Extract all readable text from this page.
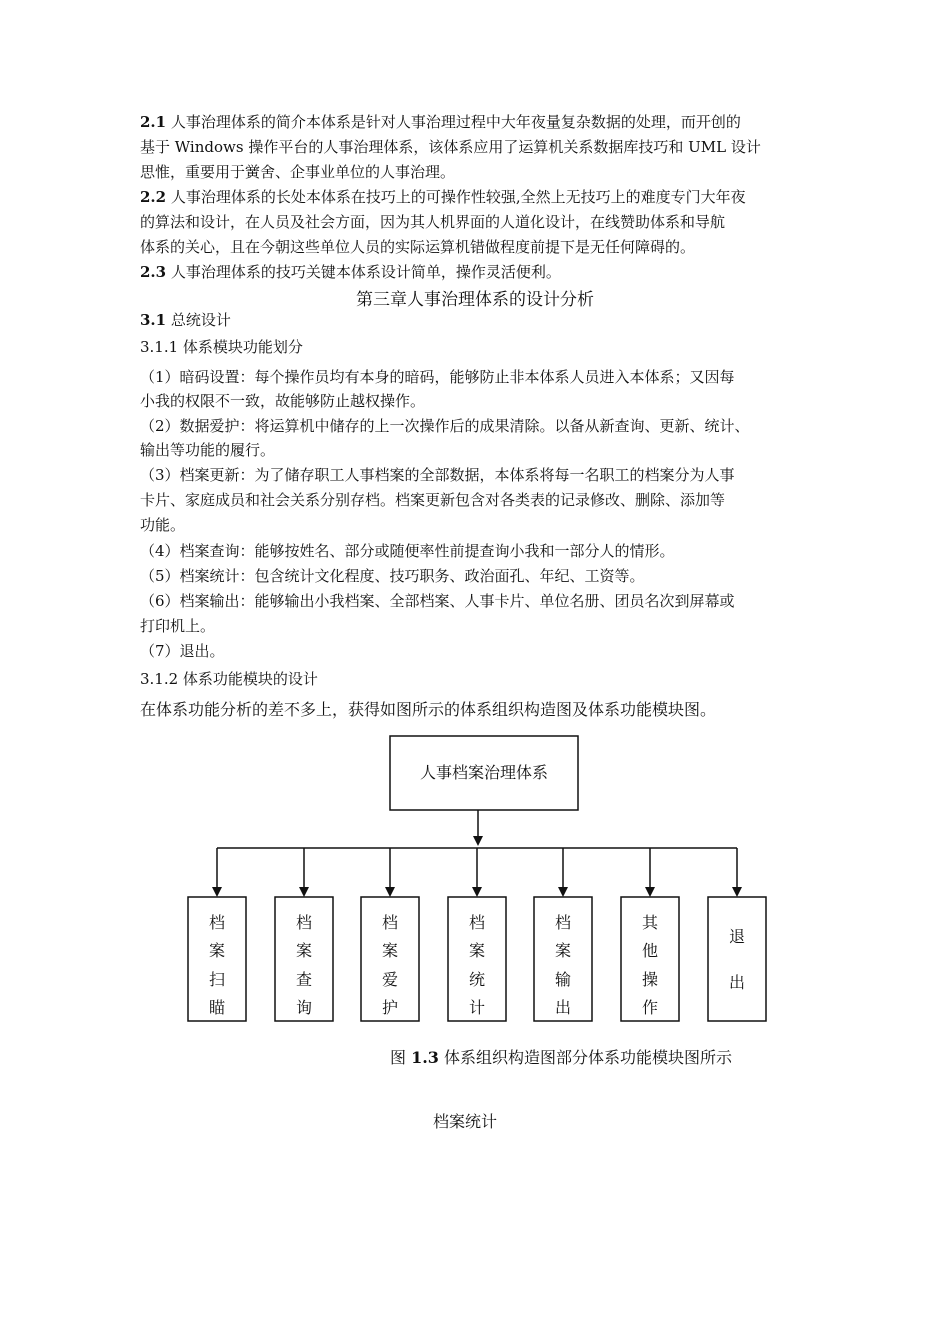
2.1 人事治理体系的简介本体系是针对人事治理过程中大年夜量复杂数据的处理，而开创的
基于 Windows 操作平台的人事治理体系，该体系应用了运算机关系数据库技巧和 UML 设计
思惟，重要用于黉舍、企事业单位的人事治理。
2.2 人事治理体系的长处本体系在技巧上的可操作性较强,全然上无技巧上的难度专门大年夜
的算法和设计，在人员及社会方面，因为其人机界面的人道化设计，在线赞助体系和导航
体系的关心，且在今朝这些单位人员的实际运算机错做程度前提下是无任何障碍的。
2.3 人事治理体系的技巧关键本体系设计简单，操作灵活便利。
第三章人事治理体系的设计分析
3.1 总统设计
3.1.1 体系模块功能划分
（1）暗码设置：每个操作员均有本身的暗码，能够防止非本体系人员进入本体系；又因每
小我的权限不一致，故能够防止越权操作。
（2）数据爱护：将运算机中储存的上一次操作后的成果清除。以备从新查询、更新、统计、
输出等功能的履行。
（3）档案更新：为了储存职工人事档案的全部数据，本体系将每一名职工的档案分为人事
卡片、家庭成员和社会关系分别存档。档案更新包含对各类表的记录修改、删除、添加等
功能。
（4）档案查询：能够按姓名、部分或随便率性前提查询小我和一部分人的情形。
（5）档案统计：包含统计文化程度、技巧职务、政治面孔、年纪、工资等。
（6）档案输出：能够输出小我档案、全部档案、人事卡片、单位名册、团员名次到屏幕或
打印机上。
（7）退出。
3.1.2 体系功能模块的设计
在体系功能分析的差不多上，获得如图所示的体系组织构造图及体系功能模块图。
人事档案治理体系
档
案
扫
瞄
档
案
查
询
档
案
爱
护
档
案
统
计
档
案
输
出
其
他
操
作
退
出
图 1.3 体系组织构造图部分体系功能模块图所示
档案统计
